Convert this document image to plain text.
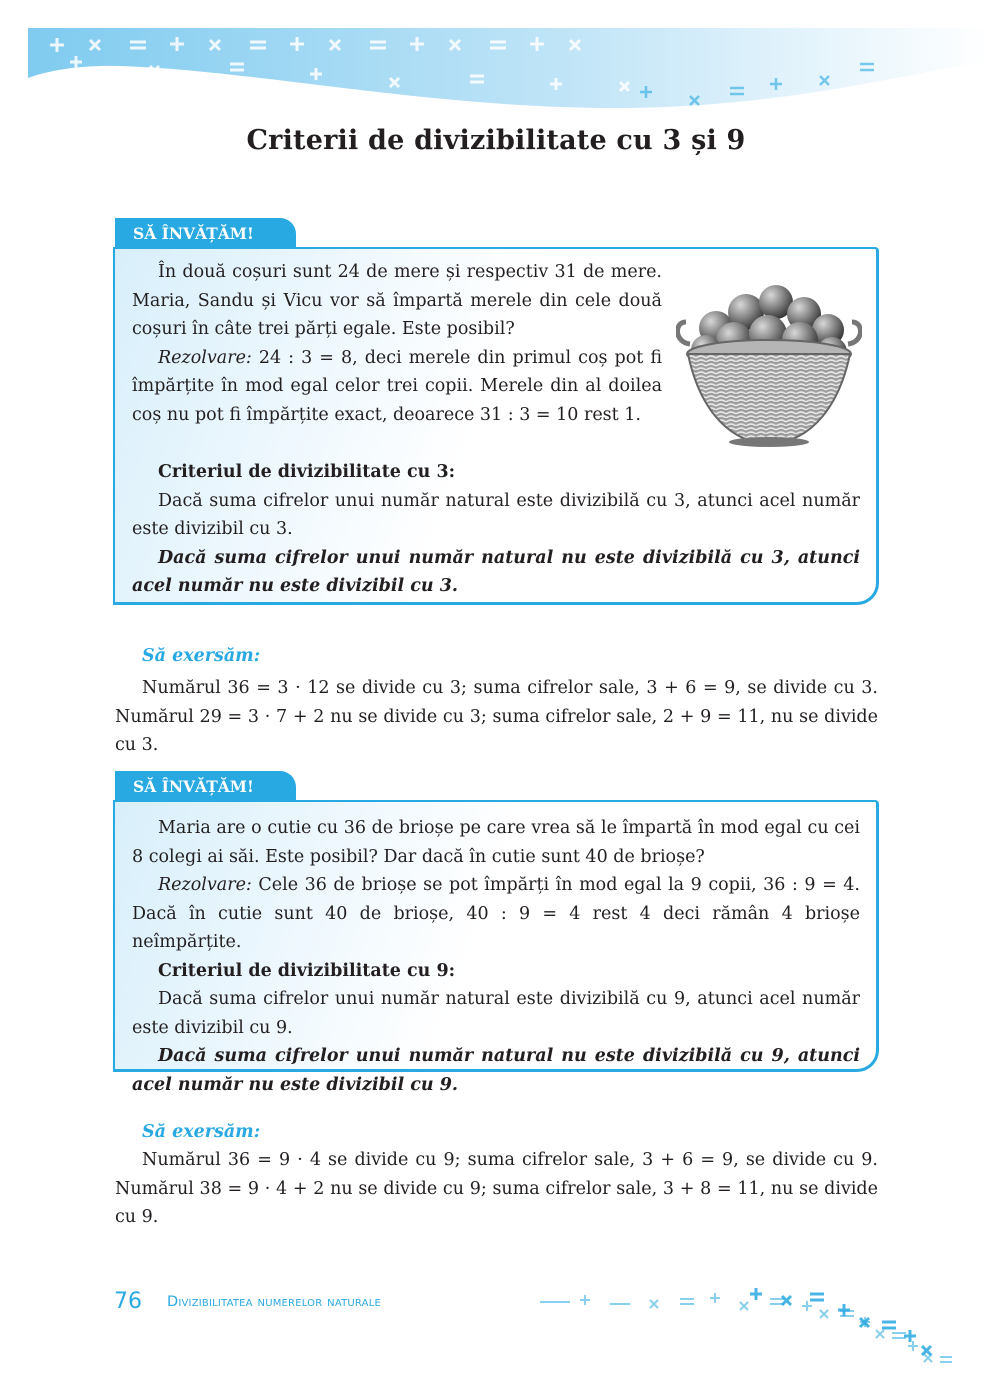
Criterii de divizibilitate cu 3 și 9
SĂ ÎNVĂȚĂM!

În două coșuri sunt 24 de mere și respectiv 31 de mere. Maria, Sandu și Vicu vor să împartă merele din cele două coșuri în câte trei părți egale. Este posibil?

Rezolvare: 24 : 3 = 8, deci merele din primul coș pot fi împărțite în mod egal celor trei copii. Merele din al doilea coș nu pot fi împărțite exact, deoarece 31 : 3 = 10 rest 1.

Criteriul de divizibilitate cu 3:

Dacă suma cifrelor unui număr natural este divizibilă cu 3, atunci acel număr este divizibil cu 3.

Dacă suma cifrelor unui număr natural nu este divizibilă cu 3, atunci acel număr nu este divizibil cu 3.

Să exersăm:

Numărul 36 = 3 · 12 se divide cu 3; suma cifrelor sale, 3 + 6 = 9, se divide cu 3. Numărul 29 = 3 · 7 + 2 nu se divide cu 3; suma cifrelor sale, 2 + 9 = 11, nu se divide cu 3.

SĂ ÎNVĂȚĂM!

Maria are o cutie cu 36 de brioșe pe care vrea să le împartă în mod egal cu cei 8 colegi ai săi. Este posibil? Dar dacă în cutie sunt 40 de brioșe?

Rezolvare: Cele 36 de brioșe se pot împărți în mod egal la 9 copii, 36 : 9 = 4. Dacă în cutie sunt 40 de brioșe, 40 : 9 = 4 rest 4 deci rămân 4 brioșe neîmpărțite.

Criteriul de divizibilitate cu 9:

Dacă suma cifrelor unui număr natural este divizibilă cu 9, atunci acel număr este divizibil cu 9.

Dacă suma cifrelor unui număr natural nu este divizibilă cu 9, atunci acel număr nu este divizibil cu 9.

Să exersăm:

Numărul 36 = 9 · 4 se divide cu 9; suma cifrelor sale, 3 + 6 = 9, se divide cu 9. Numărul 38 = 9 · 4 + 2 nu se divide cu 9; suma cifrelor sale, 3 + 8 = 11, nu se divide cu 9.

76 Divizibilitatea numerelor naturale
